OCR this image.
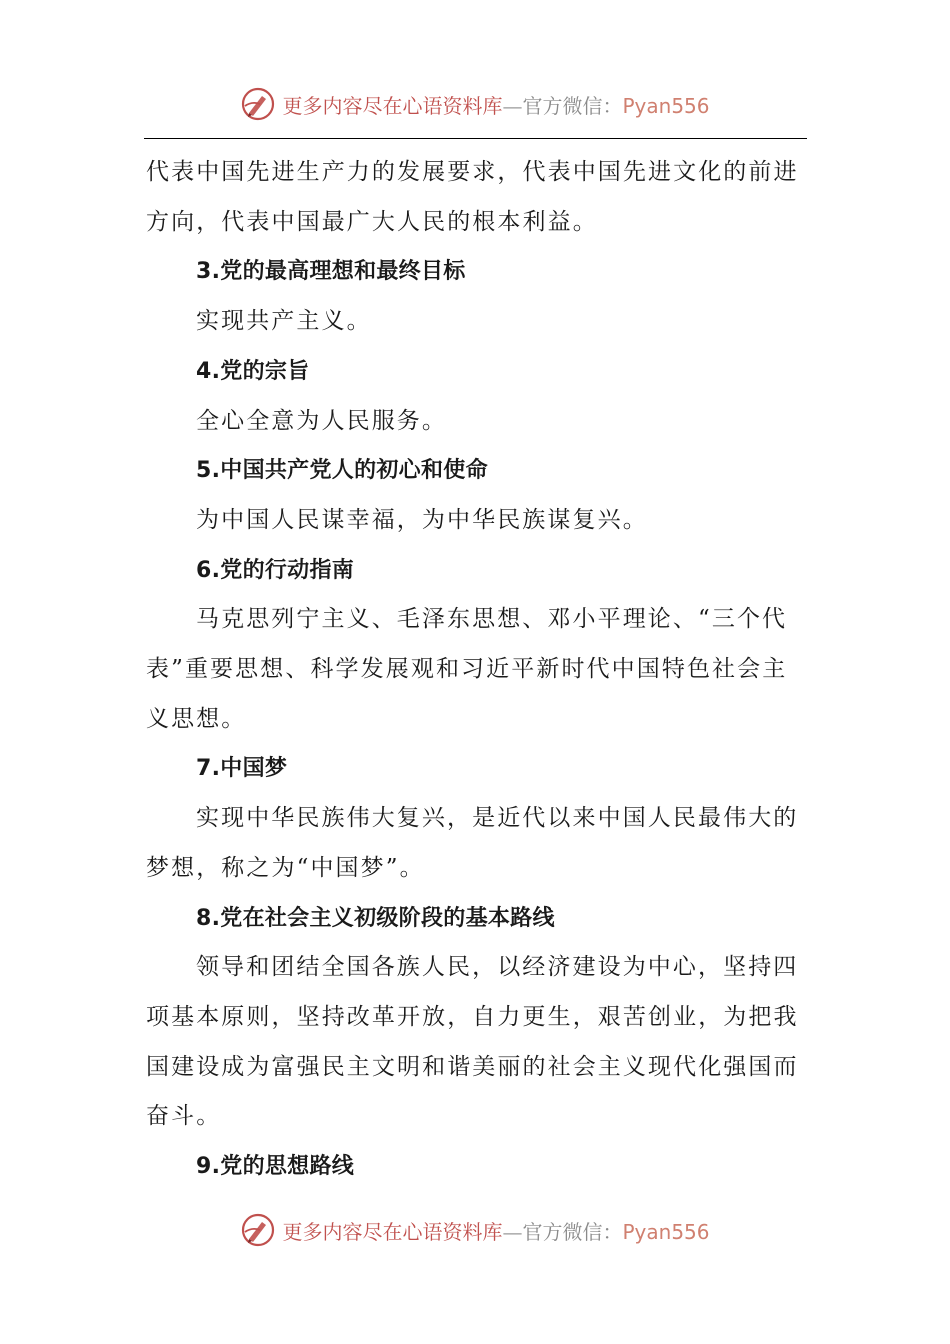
更多内容尽在心语资料库—官方微信：Pyan556

代表中国先进生产力的发展要求，代表中国先进文化的前进

方向，代表中国最广大人民的根本利益。

3.党的最高理想和最终目标

实现共产主义。

4.党的宗旨

全心全意为人民服务。

5.中国共产党人的初心和使命

为中国人民谋幸福，为中华民族谋复兴。

6.党的行动指南

马克思列宁主义、毛泽东思想、邓小平理论、“三个代

表”重要思想、科学发展观和习近平新时代中国特色社会主

义思想。

7.中国梦

实现中华民族伟大复兴，是近代以来中国人民最伟大的

梦想，称之为“中国梦”。

8.党在社会主义初级阶段的基本路线

领导和团结全国各族人民，以经济建设为中心，坚持四

项基本原则，坚持改革开放，自力更生，艰苦创业，为把我

国建设成为富强民主文明和谐美丽的社会主义现代化强国而

奋斗。

9.党的思想路线

更多内容尽在心语资料库—官方微信：Pyan556
